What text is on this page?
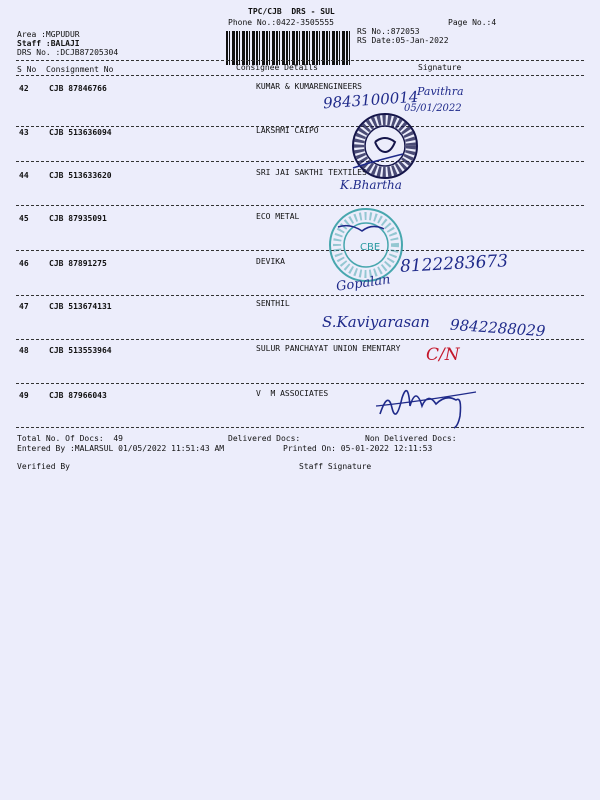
TPC/CJB  DRS - SUL
Phone No.:0422-3505555	Page No.:4
RS No.:872053
RS Date:05-Jan-2022
Area :MGPUDUR
Staff :BALAJI
DRS No. :DCJB87205304
S No Consignment No	Consignee Details	Signature
42	CJB 87846766	KUMAR & KUMARENGINEERS
43	CJB 513636094	LAKSHMI CAIPO
44	CJB 513633620	SRI JAI SAKTHI TEXTILES
45	CJB 87935091	ECO METAL
46	CJB 87891275	DEVIKA
47	CJB 513674131	SENTHIL
48	CJB 513553964	SULUR PANCHAYAT UNION EMENTARY
49	CJB 87966043	V  M ASSOCIATES
CBE
9843100014
Pavithra
05/01/2022
K.Bhartha
Gopalan
8122283673
S.Kaviyarasan 9842288029
C/N
Total No. Of Docs:  49	Delivered Docs:	Non Delivered Docs:
Entered By :MALARSUL 01/05/2022 11:51:43 AM	Printed On: 05-01-2022 12:11:53
Verified By	Staff Signature
